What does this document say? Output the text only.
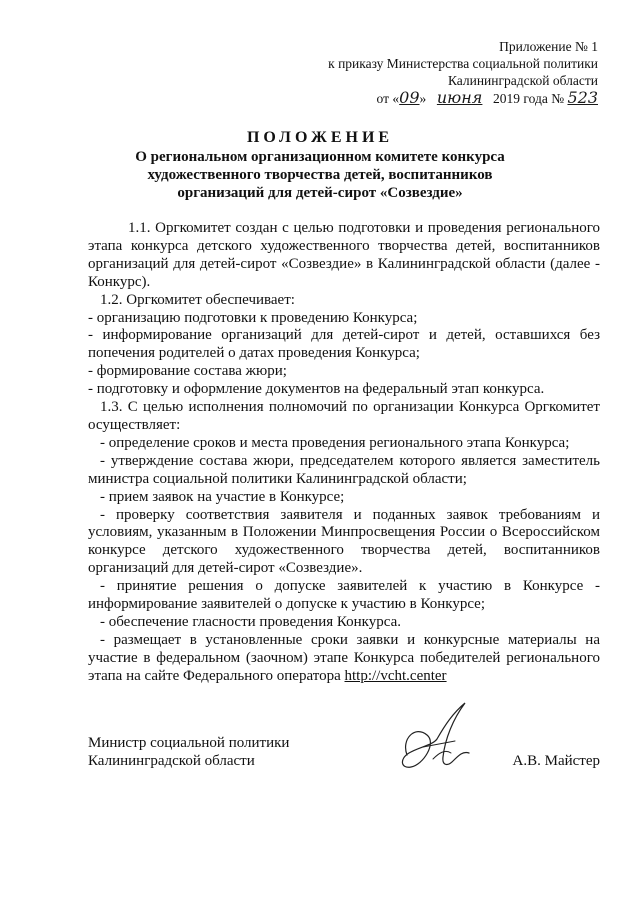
Приложение № 1
к приказу Министерства социальной политики
Калининградской области
от «09» июня 2019 года № 523
ПОЛОЖЕНИЕ
О региональном организационном комитете конкурса
художественного творчества детей, воспитанников
организаций для детей-сирот «Созвездие»

1.1. Оргкомитет создан с целью подготовки и проведения регионального этапа конкурса детского художественного творчества детей, воспитанников организаций для детей-сирот «Созвездие» в Калининградской области (далее - Конкурс).

1.2. Оргкомитет обеспечивает:

- организацию подготовки к проведению Конкурса;

- информирование организаций для детей-сирот и детей, оставшихся без попечения родителей о датах проведения Конкурса;

- формирование состава жюри;

- подготовку и оформление документов на федеральный этап конкурса.

1.3. С целью исполнения полномочий по организации Конкурса Оргкомитет осуществляет:

- определение сроков и места проведения регионального этапа Конкурса;

- утверждение состава жюри, председателем которого является заместитель министра социальной политики Калининградской области;

- прием заявок на участие в Конкурсе;

- проверку соответствия заявителя и поданных заявок требованиям и условиям, указанным в Положении Минпросвещения России о Всероссийском конкурсе детского художественного творчества детей, воспитанников организаций для детей-сирот «Созвездие».

- принятие решения о допуске заявителей к участию в Конкурсе - информирование заявителей о допуске к участию в Конкурсе;

- обеспечение гласности проведения Конкурса.

- размещает в установленные сроки заявки и конкурсные материалы на участие в федеральном (заочном) этапе Конкурса победителей регионального этапа на сайте Федерального оператора http://vcht.center

Министр социальной политики
Калининградской области	А.В. Майстер
